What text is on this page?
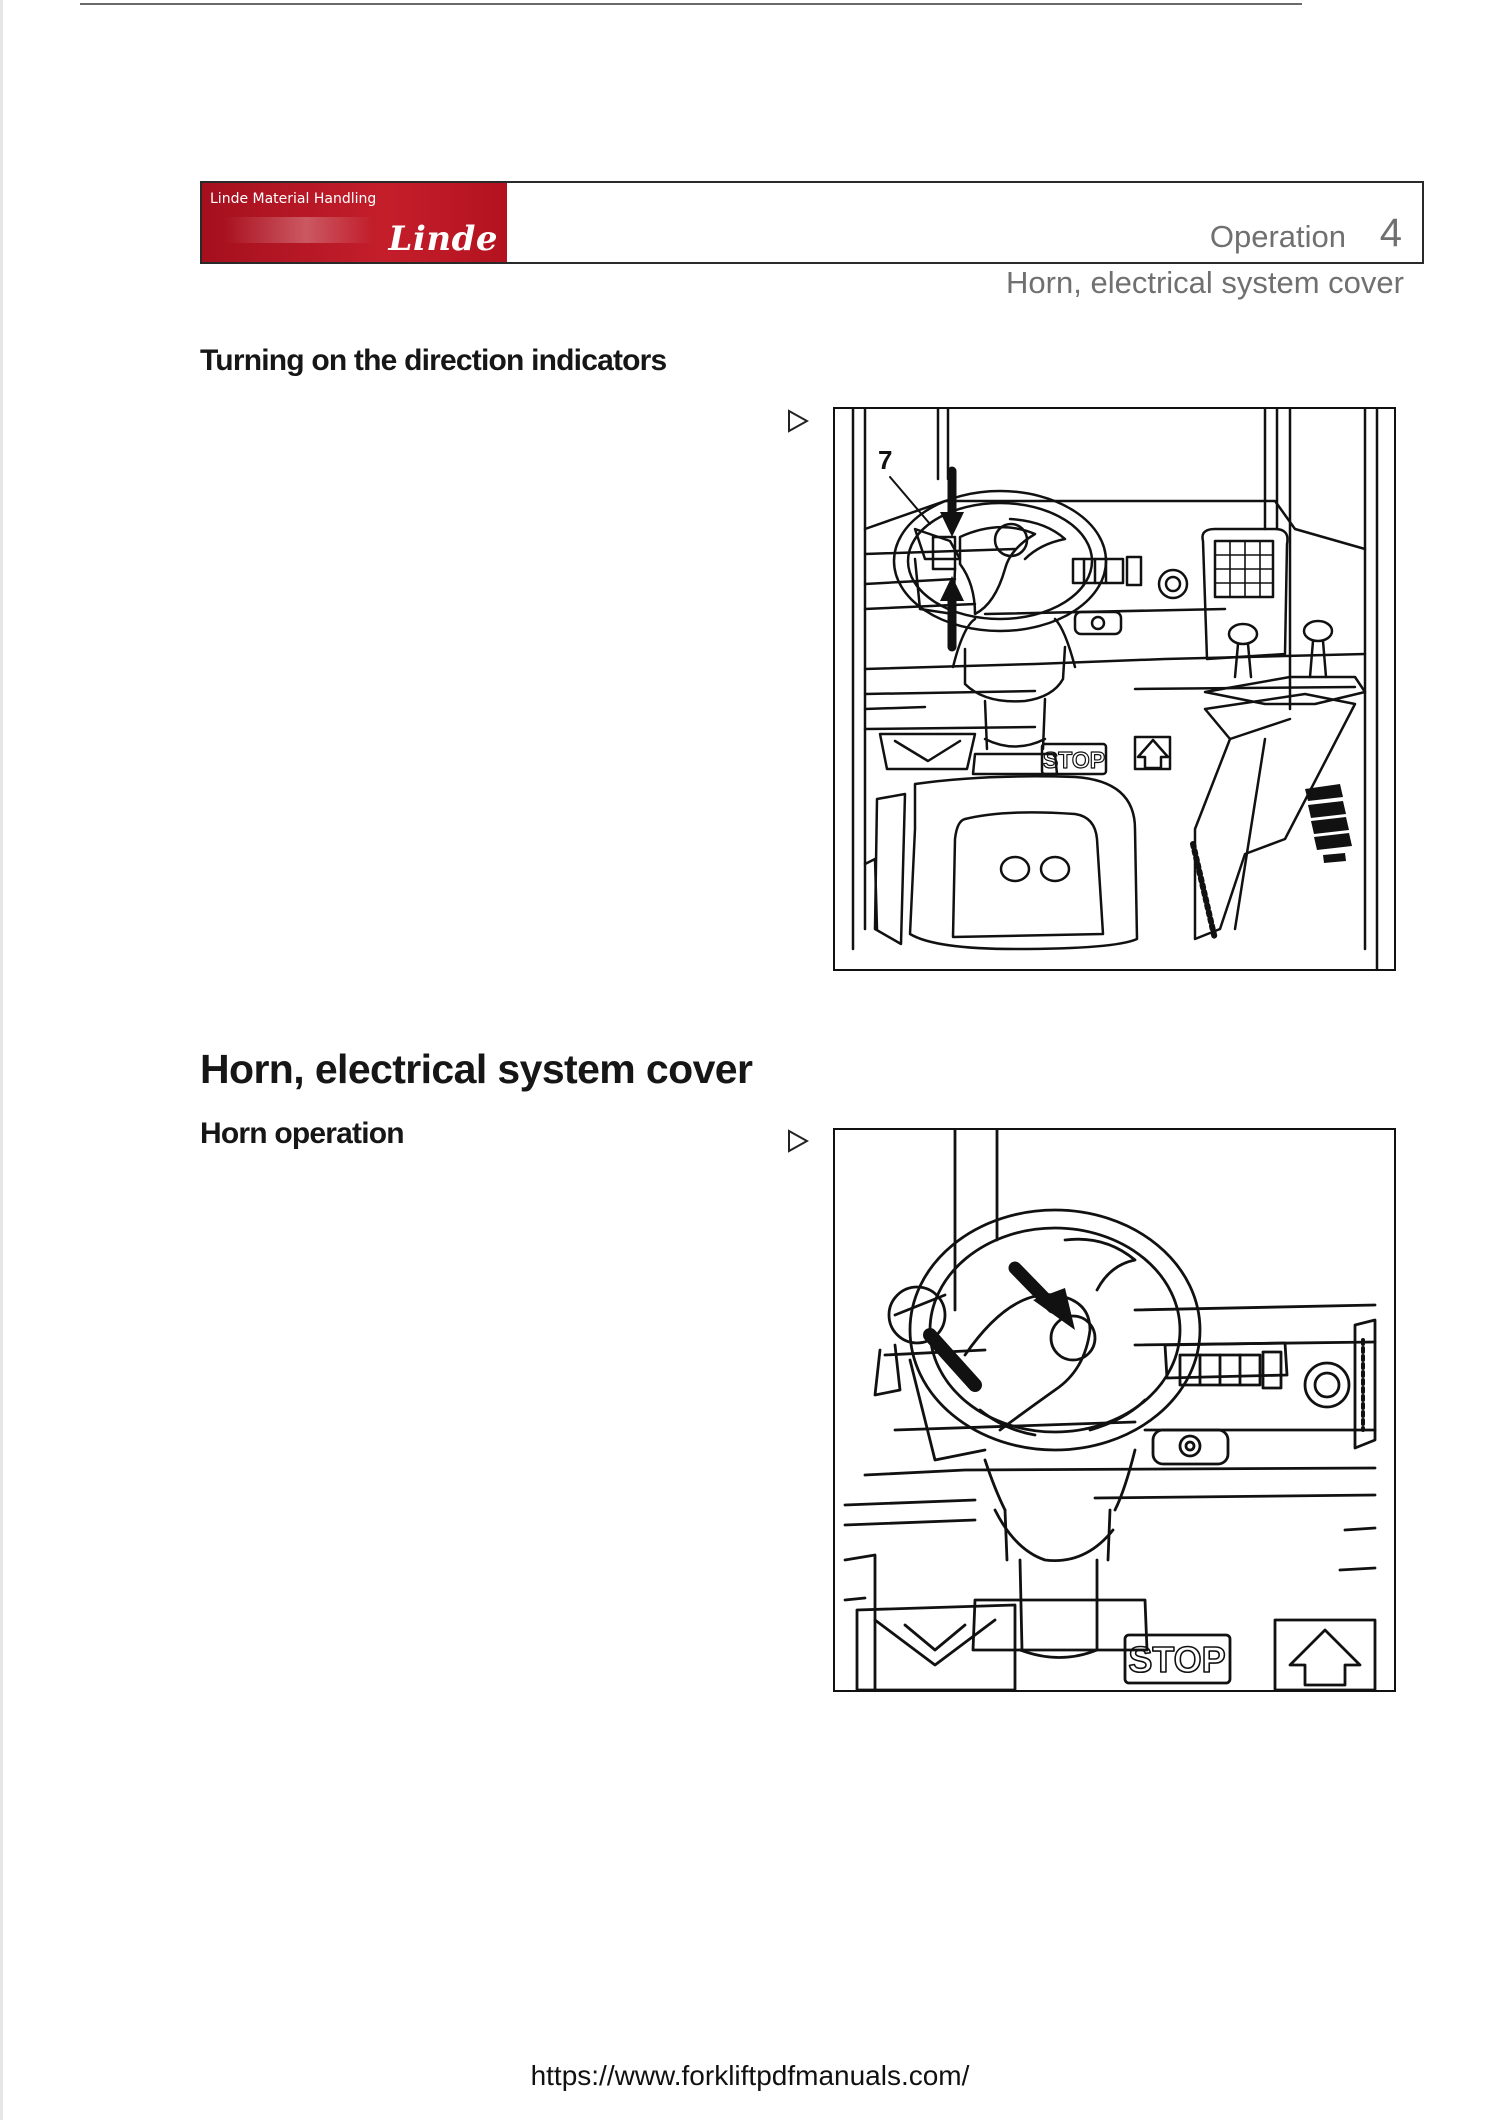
Linde Material Handling
Linde	Operation 4
Horn, electrical system cover
Turning on the direction indicators
STOP
7
Horn, electrical system cover
Horn operation
STOP
https://www.forkliftpdfmanuals.com/
